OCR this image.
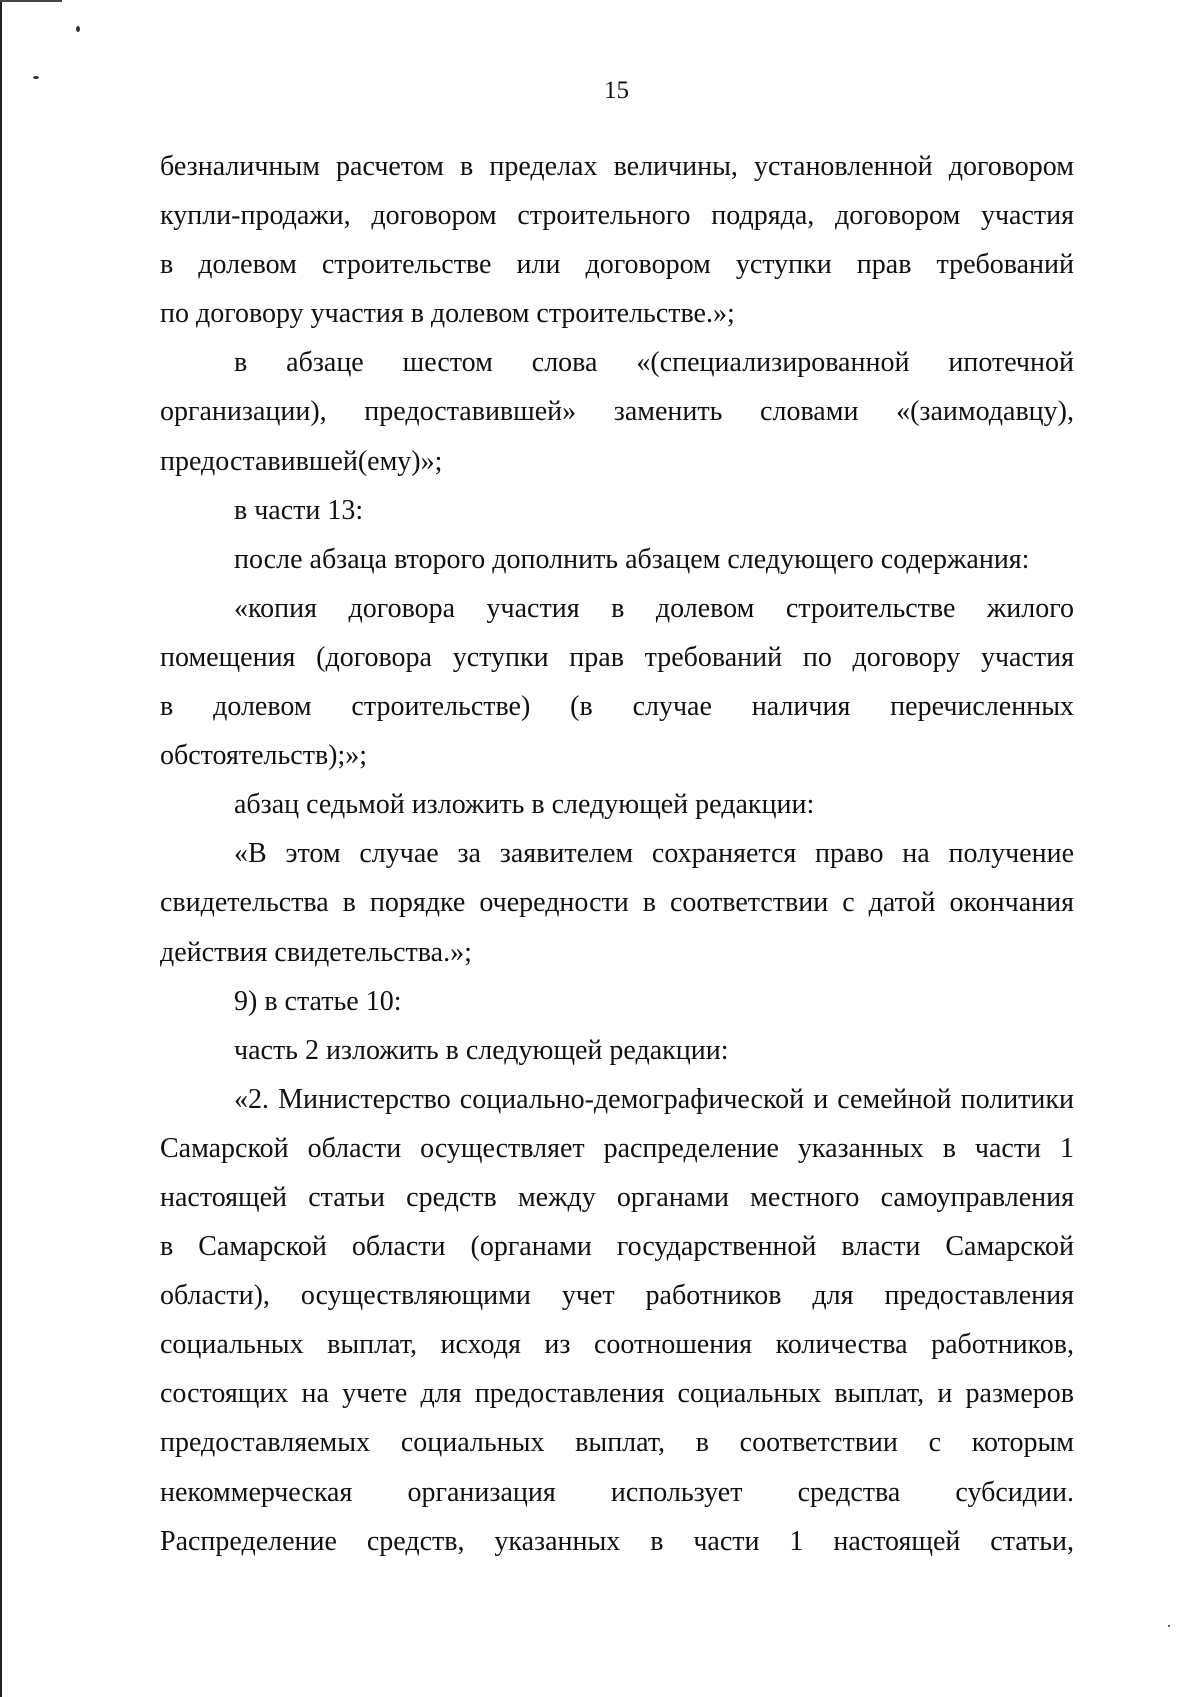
15

безналичным расчетом в пределах величины, установленной договором
купли-продажи, договором строительного подряда, договором участия
в долевом строительстве или договором уступки прав требований
по договору участия в долевом строительстве.»;

в абзаце шестом слова «(специализированной ипотечной
организации), предоставившей» заменить словами «(заимодавцу),
предоставившей(ему)»;

в части 13:

после абзаца второго дополнить абзацем следующего содержания:

«копия договора участия в долевом строительстве жилого
помещения (договора уступки прав требований по договору участия
в долевом строительстве) (в случае наличия перечисленных
обстоятельств);»;

абзац седьмой изложить в следующей редакции:

«В этом случае за заявителем сохраняется право на получение
свидетельства в порядке очередности в соответствии с датой окончания
действия свидетельства.»;

9) в статье 10:

часть 2 изложить в следующей редакции:

«2. Министерство социально-демографической и семейной политики
Самарской области осуществляет распределение указанных в части 1
настоящей статьи средств между органами местного самоуправления
в Самарской области (органами государственной власти Самарской
области), осуществляющими учет работников для предоставления
социальных выплат, исходя из соотношения количества работников,
состоящих на учете для предоставления социальных выплат, и размеров
предоставляемых социальных выплат, в соответствии с которым
некоммерческая организация использует средства субсидии.
Распределение средств, указанных в части 1 настоящей статьи,
